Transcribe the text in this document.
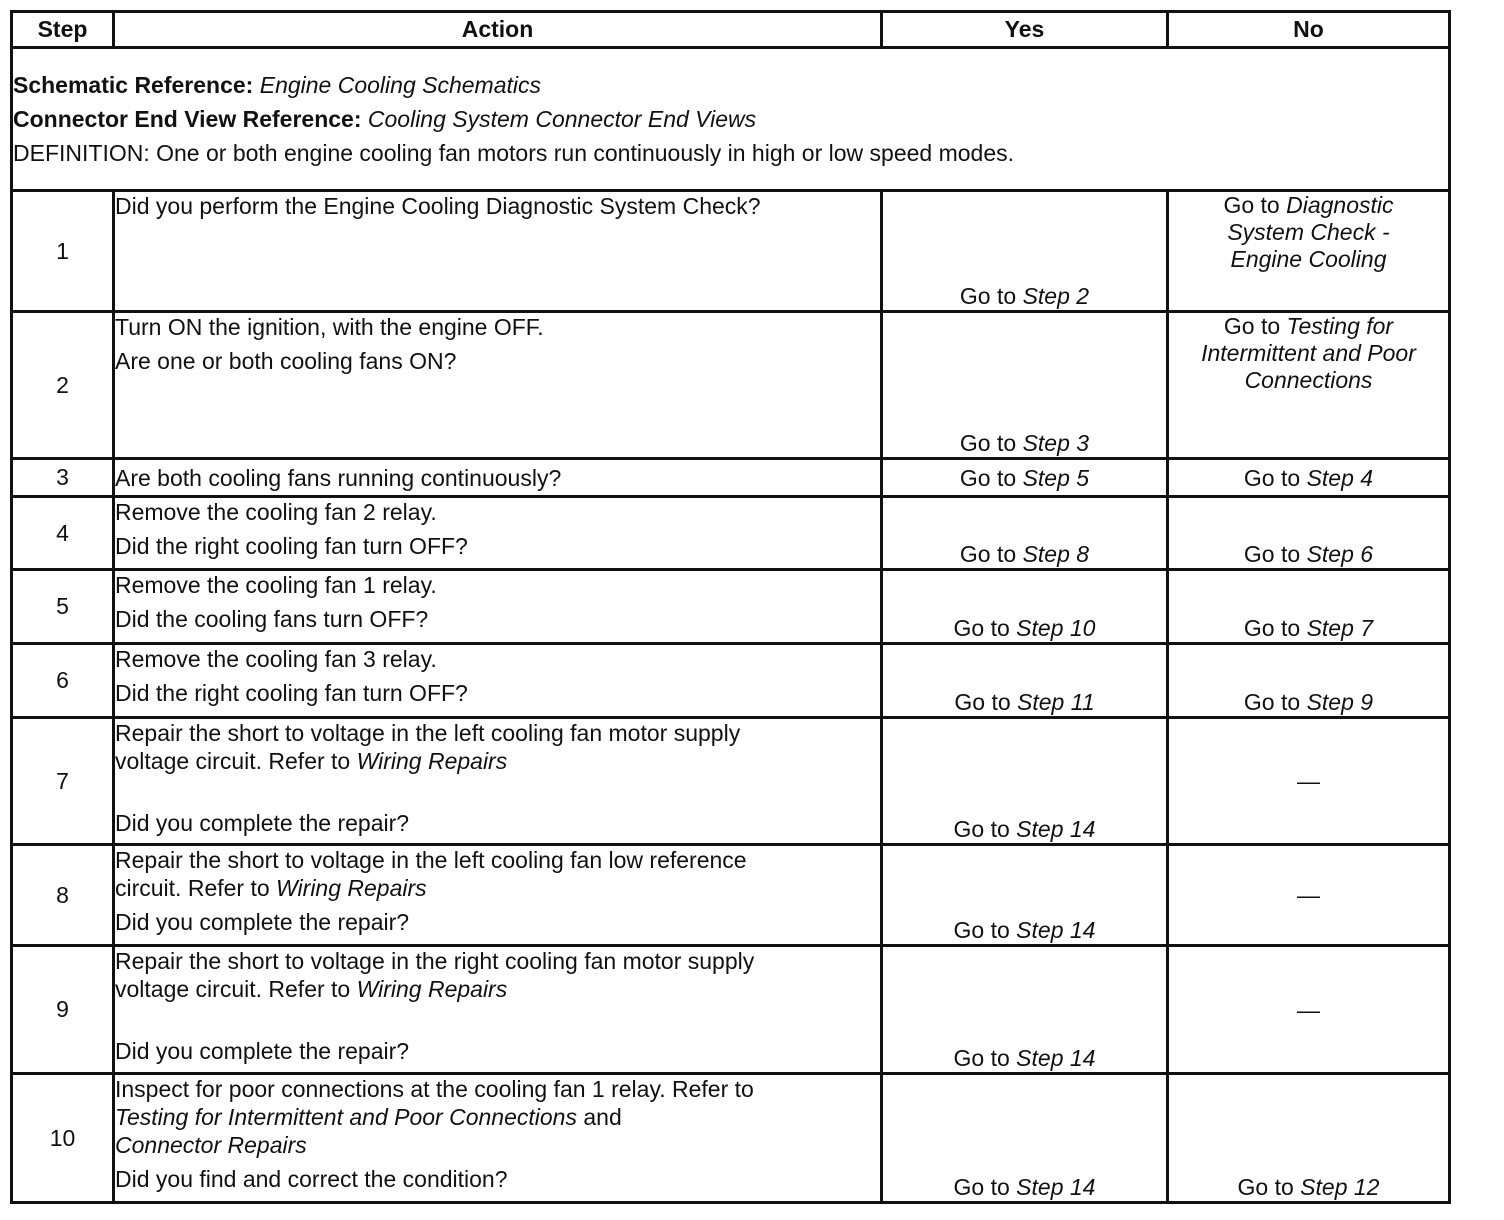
Step	Action	Yes	No

Schematic Reference: Engine Cooling Schematics
Connector End View Reference: Cooling System Connector End Views
DEFINITION: One or both engine cooling fan motors run continuously in high or low speed modes.			

1	Did you perform the Engine Cooling Diagnostic System Check?	Go to Step 2	Go to Diagnostic
System Check -
Engine Cooling
2	Turn ON the ignition, with the engine OFF.
Are one or both cooling fans ON?	Go to Step 3	Go to Testing for
Intermittent and Poor
Connections
3	Are both cooling fans running continuously?	Go to Step 5	Go to Step 4
4	Remove the cooling fan 2 relay.
Did the right cooling fan turn OFF?	Go to Step 8	Go to Step 6
5	Remove the cooling fan 1 relay.
Did the cooling fans turn OFF?	Go to Step 10	Go to Step 7
6	Remove the cooling fan 3 relay.
Did the right cooling fan turn OFF?	Go to Step 11	Go to Step 9
7	Repair the short to voltage in the left cooling fan motor supply
voltage circuit. Refer to Wiring Repairs
Did you complete the repair?	Go to Step 14	—
8	Repair the short to voltage in the left cooling fan low reference
circuit. Refer to Wiring Repairs
Did you complete the repair?	Go to Step 14	—
9	Repair the short to voltage in the right cooling fan motor supply
voltage circuit. Refer to Wiring Repairs
Did you complete the repair?	Go to Step 14	—
10	Inspect for poor connections at the cooling fan 1 relay. Refer to
Testing for Intermittent and Poor Connections and
Connector Repairs
Did you find and correct the condition?	Go to Step 14	Go to Step 12
